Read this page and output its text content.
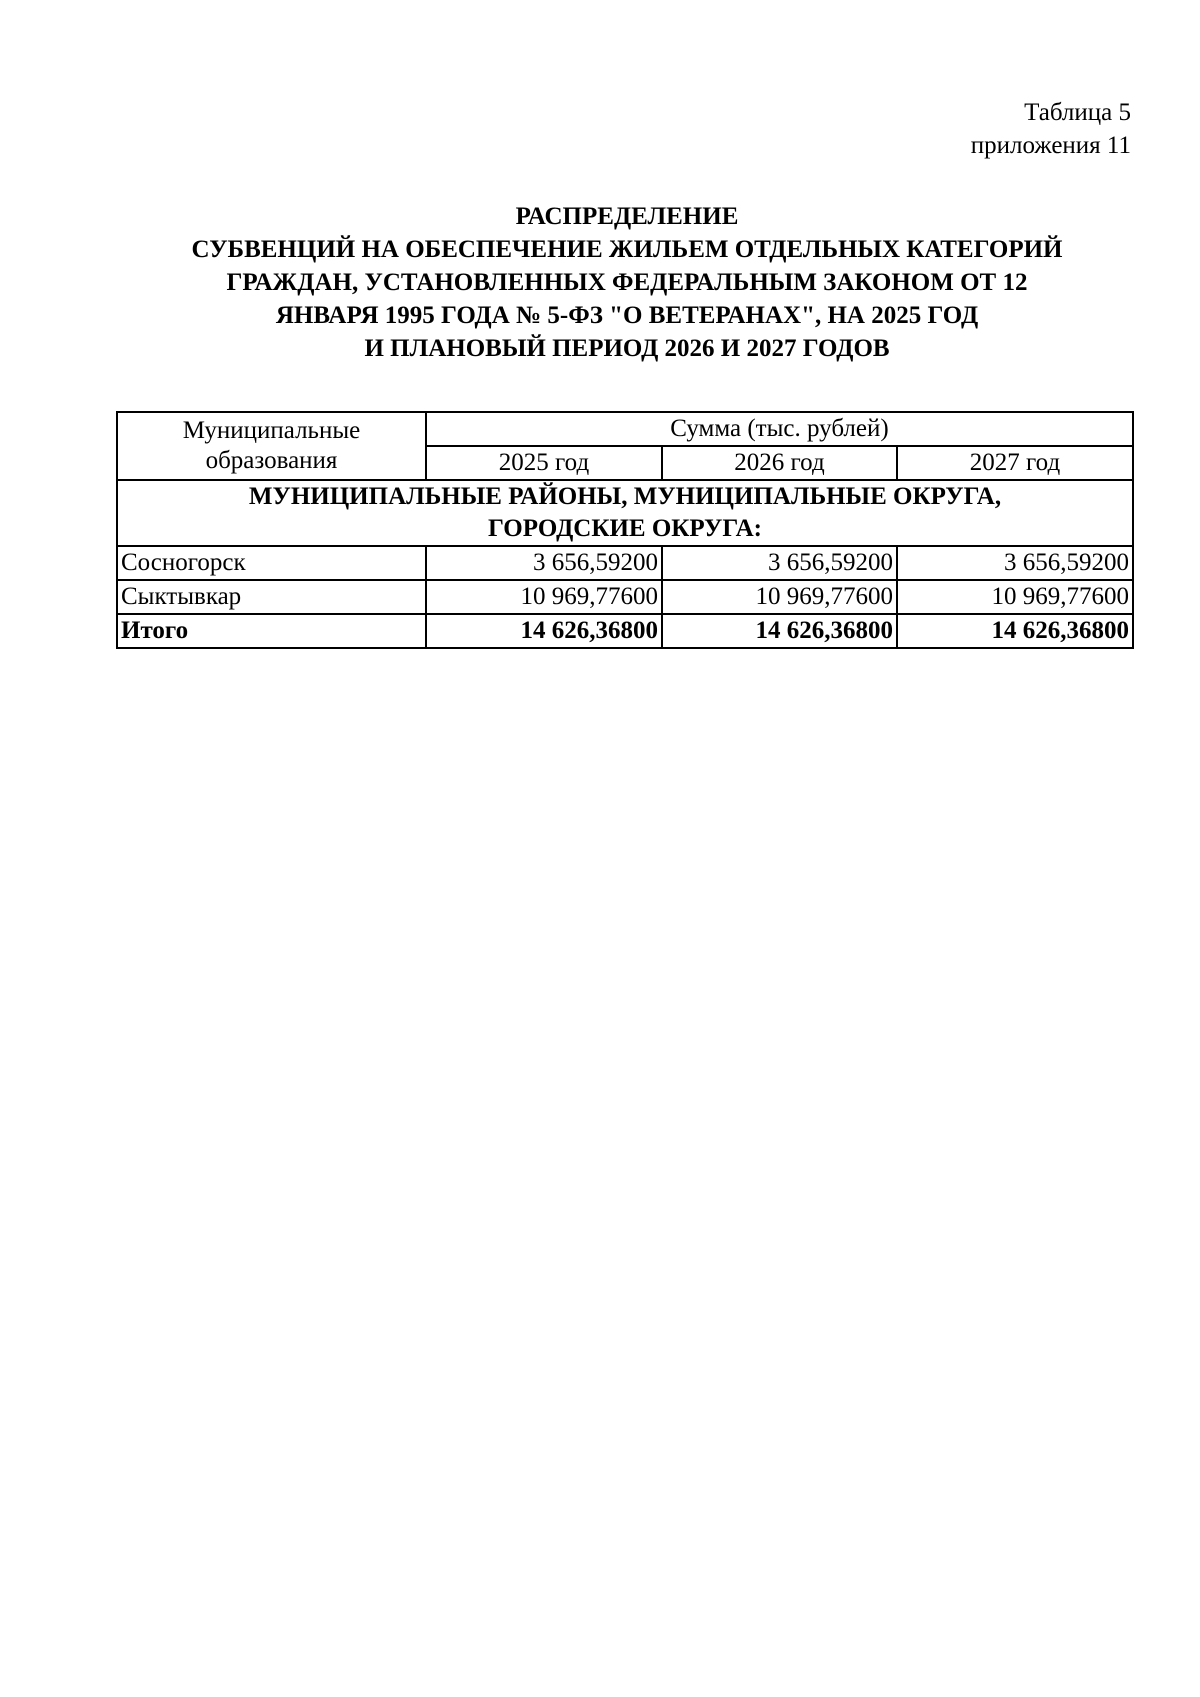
Таблица 5
приложения 11
РАСПРЕДЕЛЕНИЕ
СУБВЕНЦИЙ НА ОБЕСПЕЧЕНИЕ ЖИЛЬЕМ ОТДЕЛЬНЫХ КАТЕГОРИЙ
ГРАЖДАН, УСТАНОВЛЕННЫХ ФЕДЕРАЛЬНЫМ ЗАКОНОМ ОТ 12
ЯНВАРЯ 1995 ГОДА № 5-ФЗ "О ВЕТЕРАНАХ", НА 2025 ГОД
И ПЛАНОВЫЙ ПЕРИОД 2026 И 2027 ГОДОВ
Муниципальные
образования	Сумма (тыс. рублей)		
	2025 год	2026 год	2027 год

МУНИЦИПАЛЬНЫЕ РАЙОНЫ, МУНИЦИПАЛЬНЫЕ ОКРУГА,
ГОРОДСКИЕ ОКРУГА:			

Сосногорск	3 656,59200	3 656,59200	3 656,59200
Сыктывкар	10 969,77600	10 969,77600	10 969,77600
Итого	14 626,36800	14 626,36800	14 626,36800
